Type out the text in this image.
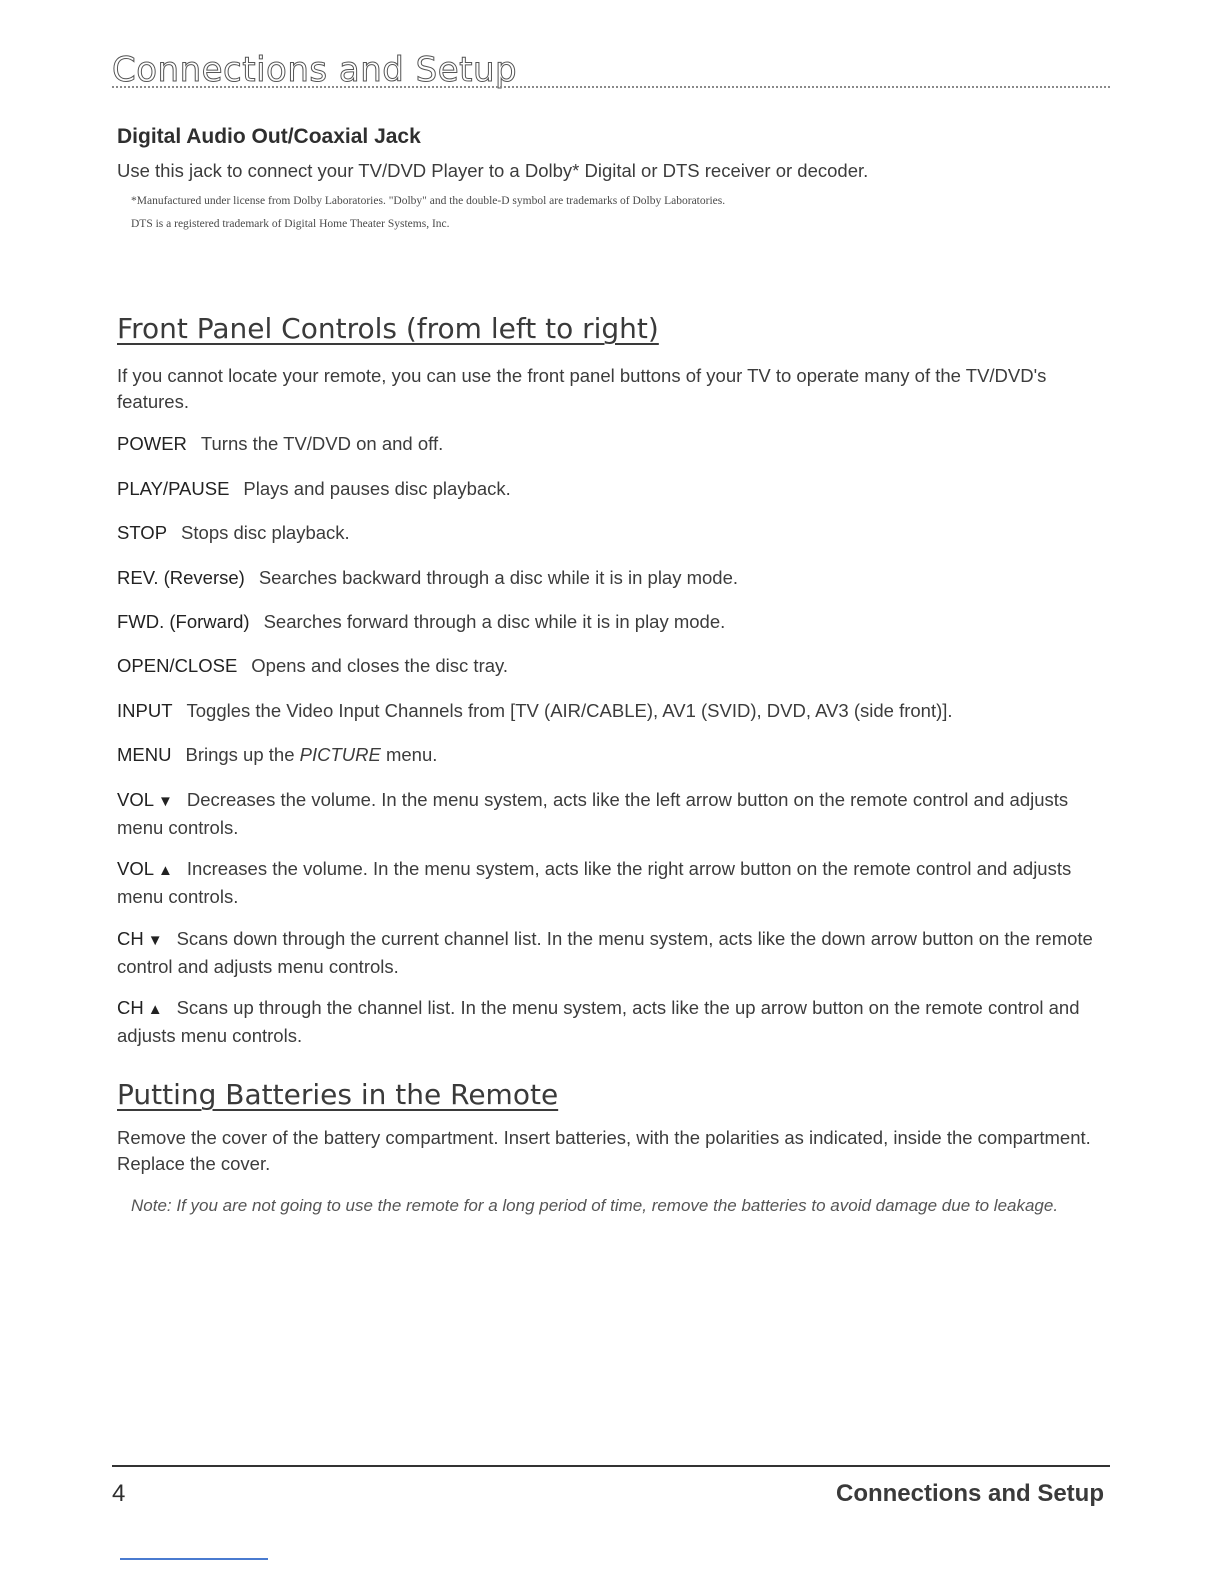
Connections and Setup
Digital Audio Out/Coaxial Jack
Use this jack to connect your TV/DVD Player to a Dolby* Digital or DTS receiver or decoder.
*Manufactured under license from Dolby Laboratories. "Dolby" and the double-D symbol are trademarks of Dolby Laboratories.
DTS is a registered trademark of Digital Home Theater Systems, Inc.
Front Panel Controls (from left to right)
If you cannot locate your remote, you can use the front panel buttons of your TV to operate many of the TV/DVD's features.
POWER Turns the TV/DVD on and off.
PLAY/PAUSE Plays and pauses disc playback.
STOP Stops disc playback.
REV. (Reverse) Searches backward through a disc while it is in play mode.
FWD. (Forward) Searches forward through a disc while it is in play mode.
OPEN/CLOSE Opens and closes the disc tray.
INPUT Toggles the Video Input Channels from [TV (AIR/CABLE), AV1 (SVID), DVD, AV3 (side front)].
MENU Brings up the PICTURE menu.
VOL ▼ Decreases the volume. In the menu system, acts like the left arrow button on the remote control and adjusts menu controls.
VOL ▲ Increases the volume. In the menu system, acts like the right arrow button on the remote control and adjusts menu controls.
CH ▼ Scans down through the current channel list. In the menu system, acts like the down arrow button on the remote control and adjusts menu controls.
CH ▲ Scans up through the channel list. In the menu system, acts like the up arrow button on the remote control and adjusts menu controls.
Putting Batteries in the Remote
Remove the cover of the battery compartment. Insert batteries, with the polarities as indicated, inside the compartment. Replace the cover.
Note: If you are not going to use the remote for a long period of time, remove the batteries to avoid damage due to leakage.
4	Connections and Setup
